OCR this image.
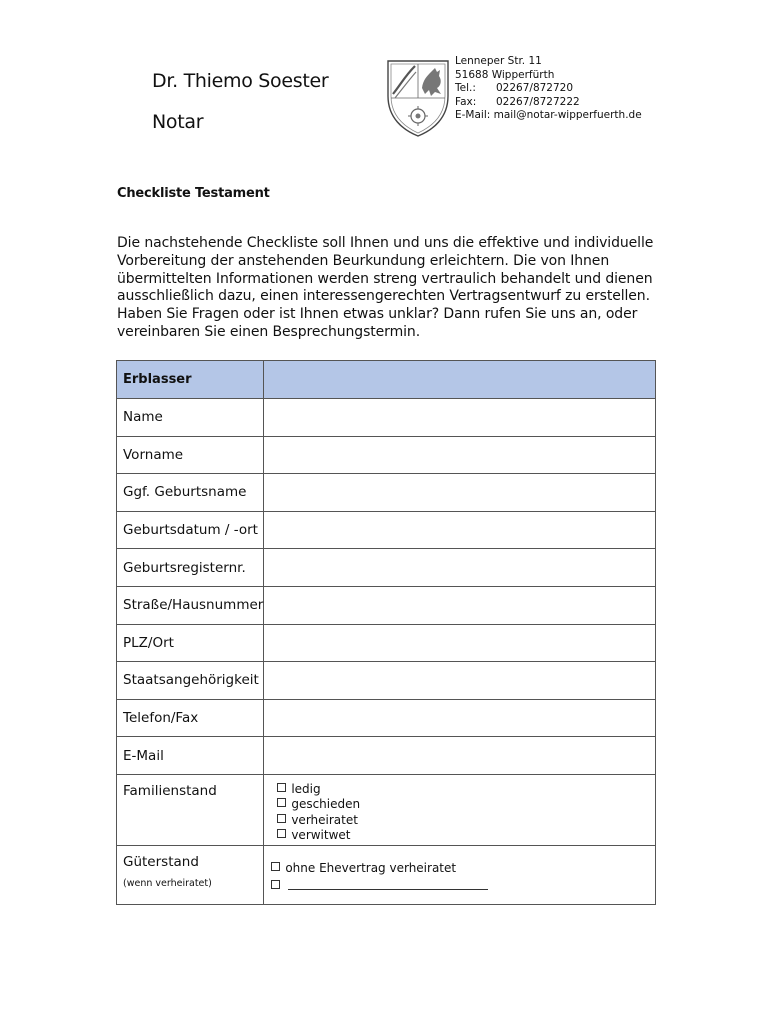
Dr. Thiemo Soester
Notar
Lenneper Str. 11
51688 Wipperfürth
Tel.: 02267/872720
Fax: 02267/8727222
E-Mail: mail@notar-wipperfuerth.de
Checkliste Testament
Die nachstehende Checkliste soll Ihnen und uns die effektive und individuelle
Vorbereitung der anstehenden Beurkundung erleichtern. Die von Ihnen
übermittelten Informationen werden streng vertraulich behandelt und dienen
ausschließlich dazu, einen interessengerechten Vertragsentwurf zu erstellen.
Haben Sie Fragen oder ist Ihnen etwas unklar? Dann rufen Sie uns an, oder
vereinbaren Sie einen Besprechungstermin.
Erblasser	
Name	
Vorname	
Ggf. Geburtsname	
Geburtsdatum / -ort	
Geburtsregisternr.	
Straße/Hausnummer	
PLZ/Ort	
Staatsangehörigkeit	
Telefon/Fax	
E-Mail	

Familienstand	ledig
geschieden
verheiratet
verwitwet

Güterstand
(wenn verheiratet)	ohne Ehevertrag verheiratet
